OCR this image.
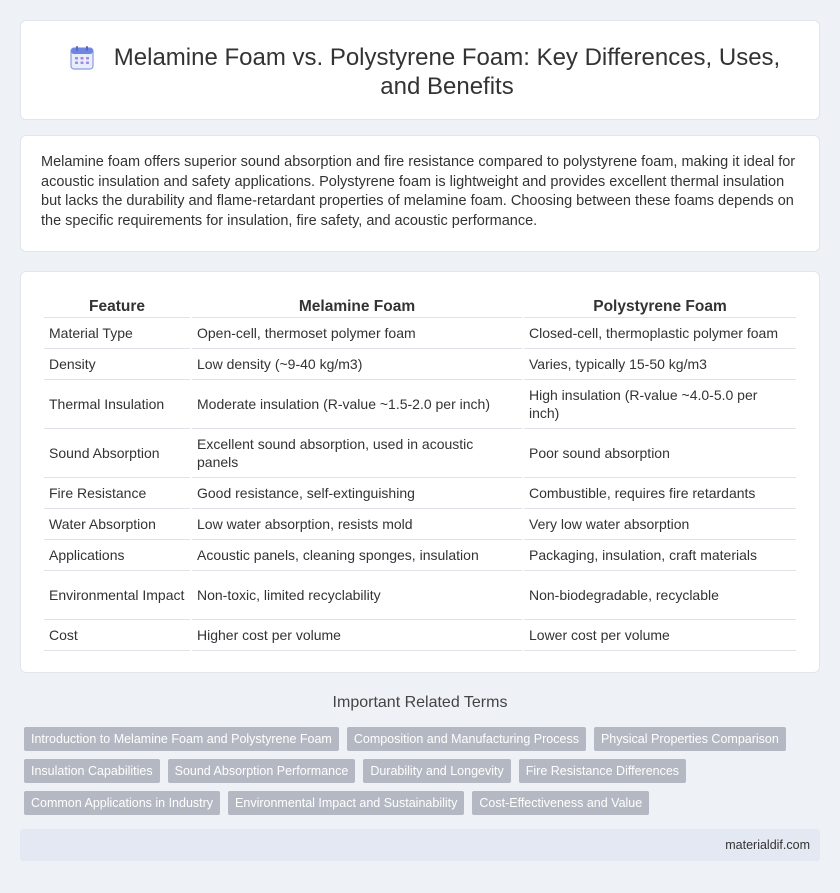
Melamine Foam vs. Polystyrene Foam: Key Differences, Uses, and Benefits

Melamine foam offers superior sound absorption and fire resistance compared to polystyrene foam, making it ideal for acoustic insulation and safety applications. Polystyrene foam is lightweight and provides excellent thermal insulation but lacks the durability and flame-retardant properties of melamine foam. Choosing between these foams depends on the specific requirements for insulation, fire safety, and acoustic performance.

Feature	Melamine Foam	Polystyrene Foam
Material Type	Open-cell, thermoset polymer foam	Closed-cell, thermoplastic polymer foam
Density	Low density (~9-40 kg/m3)	Varies, typically 15-50 kg/m3
Thermal Insulation	Moderate insulation (R-value ~1.5-2.0 per inch)	High insulation (R-value ~4.0-5.0 per inch)
Sound Absorption	Excellent sound absorption, used in acoustic panels	Poor sound absorption
Fire Resistance	Good resistance, self-extinguishing	Combustible, requires fire retardants
Water Absorption	Low water absorption, resists mold	Very low water absorption
Applications	Acoustic panels, cleaning sponges, insulation	Packaging, insulation, craft materials
Environmental Impact	Non-toxic, limited recyclability	Non-biodegradable, recyclable
Cost	Higher cost per volume	Lower cost per volume
Important Related Terms
Introduction to Melamine Foam and Polystyrene Foam	Composition and Manufacturing Process	Physical Properties Comparison
Insulation Capabilities	Sound Absorption Performance	Durability and Longevity	Fire Resistance Differences
Common Applications in Industry	Environmental Impact and Sustainability	Cost-Effectiveness and Value
materialdif.com
